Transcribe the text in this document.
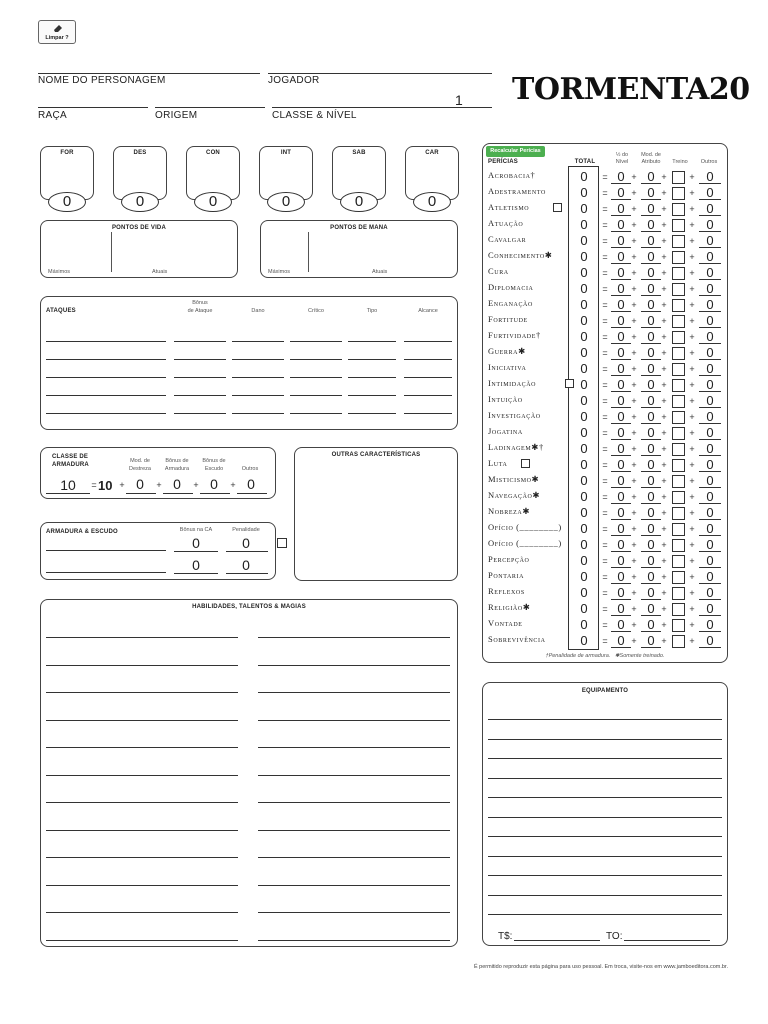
Limpar ?
NOME DO PERSONAGEM	JOGADOR
1
RAÇA	ORIGEM	CLASSE & NÍVEL
TORMENTA20
FOR
0
DES
0
CON
0
INT
0
SAB
0
CAR
0
PONTOS DE VIDA
Máximos	Atuais
PONTOS DE MANA
Máximos	Atuais
ATAQUES
Bônus
de Ataque	Dano	Crítico	Tipo	Alcance
CLASSE DE
ARMADURA
Mod. de
Destreza
Bônus de
Armadura
Bônus de
Escudo	Outros
10	= 10 + 0	+ 0	+ 0	+ 0
ARMADURA & ESCUDO	Bônus na CA	Penalidade
0	0
0	0
OUTRAS CARACTERÍSTICAS
HABILIDADES, TALENTOS & MAGIAS
Recalcular Perícias
PERÍCIAS	TOTAL
½ do
Nível
Mod. de
Atributo	Treino	Outros
Acrobacia†	0	= 0 + 0 +	+ 0
Adestramento	0	= 0 + 0 +	+ 0
Atletismo	0	= 0 + 0 +	+ 0
Atuação	0	= 0 + 0 +	+ 0
Cavalgar	0	= 0 + 0 +	+ 0
Conhecimento✱	0	= 0 + 0 +	+ 0
Cura	0	= 0 + 0 +	+ 0
Diplomacia	0	= 0 + 0 +	+ 0
Enganação	0	= 0 + 0 +	+ 0
Fortitude	0	= 0 + 0 +	+ 0
Furtividade†	0	= 0 + 0 +	+ 0
Guerra✱	0	= 0 + 0 +	+ 0
Iniciativa	0	= 0 + 0 +	+ 0
Intimidação	0	= 0 + 0 +	+ 0
Intuição	0	= 0 + 0 +	+ 0
Investigação	0	= 0 + 0 +	+ 0
Jogatina	0	= 0 + 0 +	+ 0
Ladinagem✱†	0	= 0 + 0 +	+ 0
Luta	0	= 0 + 0 +	+ 0
Misticismo✱	0	= 0 + 0 +	+ 0
Navegação✱	0	= 0 + 0 +	+ 0
Nobreza✱	0	= 0 + 0 +	+ 0
Ofício (________)	0	= 0 + 0 +	+ 0
Ofício (________)	0	= 0 + 0 +	+ 0
Percepção	0	= 0 + 0 +	+ 0
Pontaria	0	= 0 + 0 +	+ 0
Reflexos	0	= 0 + 0 +	+ 0
Religião✱	0	= 0 + 0 +	+ 0
Vontade	0	= 0 + 0 +	+ 0
Sobrevivência	0	= 0 + 0 +	+ 0
†Penalidade de armadura.   ✱Somente treinado.
EQUIPAMENTO
T$:	TO:
É permitido reproduzir esta página para uso pessoal. Em troca, visite-nos em www.jamboeditora.com.br.
